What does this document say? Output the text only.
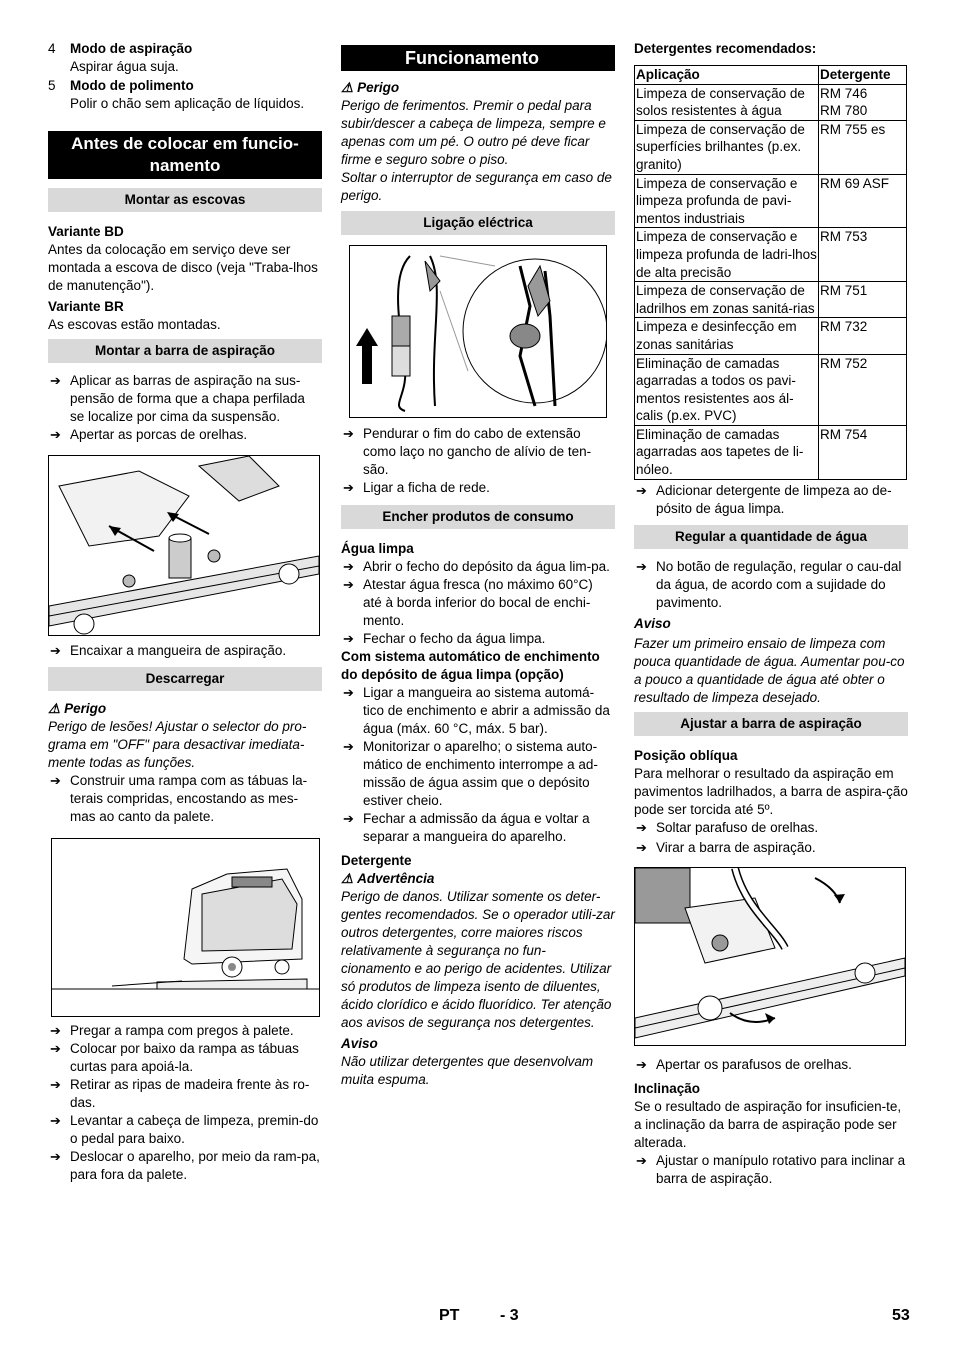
4 Modo de aspiração

Aspirar água suja.

5 Modo de polimento

Polir o chão sem aplicação de líquidos.

Antes de colocar em funcio-namento
Montar as escovas

Variante BD

Antes da colocação em serviço deve ser montada a escova de disco (veja "Traba-lhos de manutenção").

Variante BR

As escovas estão montadas.

Montar a barra de aspiração
➔ Aplicar as barras de aspiração na sus-pensão de forma que a chapa perfilada se localize por cima da suspensão.

➔ Apertar as porcas de orelhas.

➔ Encaixar a mangueira de aspiração.

Descarregar

⚠ Perigo

Perigo de lesões! Ajustar o selector do pro-grama em "OFF" para desactivar imediata-mente todas as funções.

➔ Construir uma rampa com as tábuas la-terais compridas, encostando as mes-mas ao canto da palete.

➔ Pregar a rampa com pregos à palete.

➔ Colocar por baixo da rampa as tábuas curtas para apoiá-la.

➔ Retirar as ripas de madeira frente às ro-das.

➔ Levantar a cabeça de limpeza, premin-do o pedal para baixo.

➔ Deslocar o aparelho, por meio da ram-pa, para fora da palete.

Funcionamento

⚠ Perigo

Perigo de ferimentos. Premir o pedal para subir/descer a cabeça de limpeza, sempre e apenas com um pé. O outro pé deve ficar firme e seguro sobre o piso.

Soltar o interruptor de segurança em caso de perigo.

Ligação eléctrica
➔ Pendurar o fim do cabo de extensão como laço no gancho de alívio de ten-são.

➔ Ligar a ficha de rede.

Encher produtos de consumo

Água limpa

➔ Abrir o fecho do depósito da água lim-pa.

➔ Atestar água fresca (no máximo 60°C) até à borda inferior do bocal de enchi-mento.

➔ Fechar o fecho da água limpa.

Com sistema automático de enchimento do depósito de água limpa (opção)

➔ Ligar a mangueira ao sistema automá-tico de enchimento e abrir a admissão da água (máx. 60 °C, máx. 5 bar).

➔ Monitorizar o aparelho; o sistema auto-mático de enchimento interrompe a ad-missão de água assim que o depósito estiver cheio.

➔ Fechar a admissão da água e voltar a separar a mangueira do aparelho.

Detergente

⚠ Advertência

Perigo de danos. Utilizar somente os deter-gentes recomendados. Se o operador utili-zar outros detergentes, corre maiores riscos relativamente à segurança no fun-cionamento e ao perigo de acidentes. Utilizar só produtos de limpeza isento de diluentes, ácido clorídico e ácido fluorídico. Ter atenção aos avisos de segurança nos detergentes.

Aviso

Não utilizar detergentes que desenvolvam muita espuma.

Detergentes recomendados:

Aplicação	Detergente
Limpeza de conservação de solos resistentes à água	RM 746
RM 780
Limpeza de conservação de superfícies brilhantes (p.ex. granito)	RM 755 es
Limpeza de conservação e limpeza profunda de pavi-mentos industriais	RM 69 ASF
Limpeza de conservação e limpeza profunda de ladri-lhos de alta precisão	RM 753
Limpeza de conservação de ladrilhos em zonas sanitá-rias	RM 751
Limpeza e desinfecção em zonas sanitárias	RM 732
Eliminação de camadas agarradas a todos os pavi-mentos resistentes aos ál-calis (p.ex. PVC)	RM 752
Eliminação de camadas agarradas aos tapetes de li-nóleo.	RM 754
➔ Adicionar detergente de limpeza ao de-pósito de água limpa.

Regular a quantidade de água
➔ No botão de regulação, regular o cau-dal da água, de acordo com a sujidade do pavimento.

Aviso

Fazer um primeiro ensaio de limpeza com pouca quantidade de água. Aumentar pou-co a pouco a quantidade de água até obter o resultado de limpeza desejado.

Ajustar a barra de aspiração

Posição oblíqua

Para melhorar o resultado da aspiração em pavimentos ladrilhados, a barra de aspira-ção pode ser torcida até 5º.

➔ Soltar parafuso de orelhas.

➔ Virar a barra de aspiração.

➔ Apertar os parafusos de orelhas.

Inclinação

Se o resultado de aspiração for insuficien-te, a inclinação da barra de aspiração pode ser alterada.

➔ Ajustar o manípulo rotativo para inclinar a barra de aspiração.

PT	- 3	53
